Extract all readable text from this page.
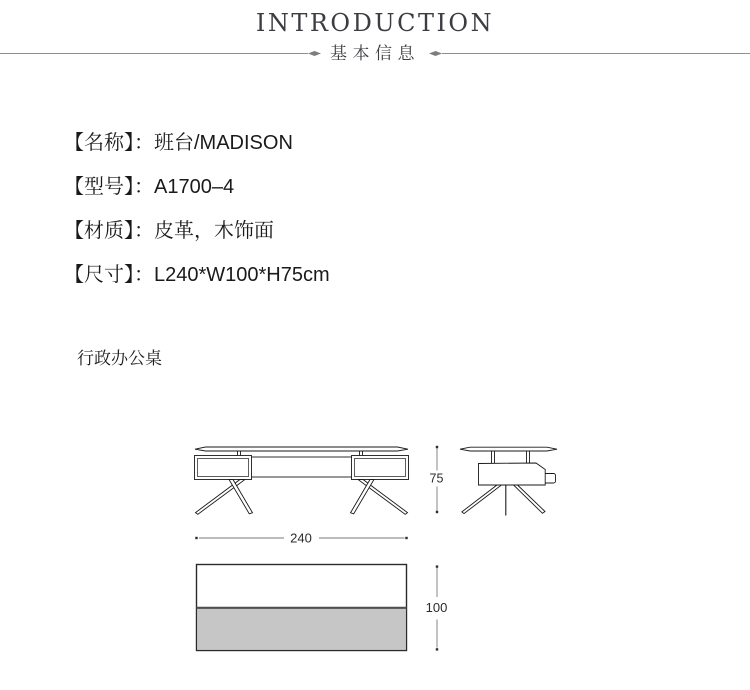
INTRODUCTION
基本信息
【名称】：班台/MADISON
【型号】：A1700–4
【材质】：皮革，木饰面
【尺寸】：L240*W100*H75cm
行政办公桌
75
240
100
